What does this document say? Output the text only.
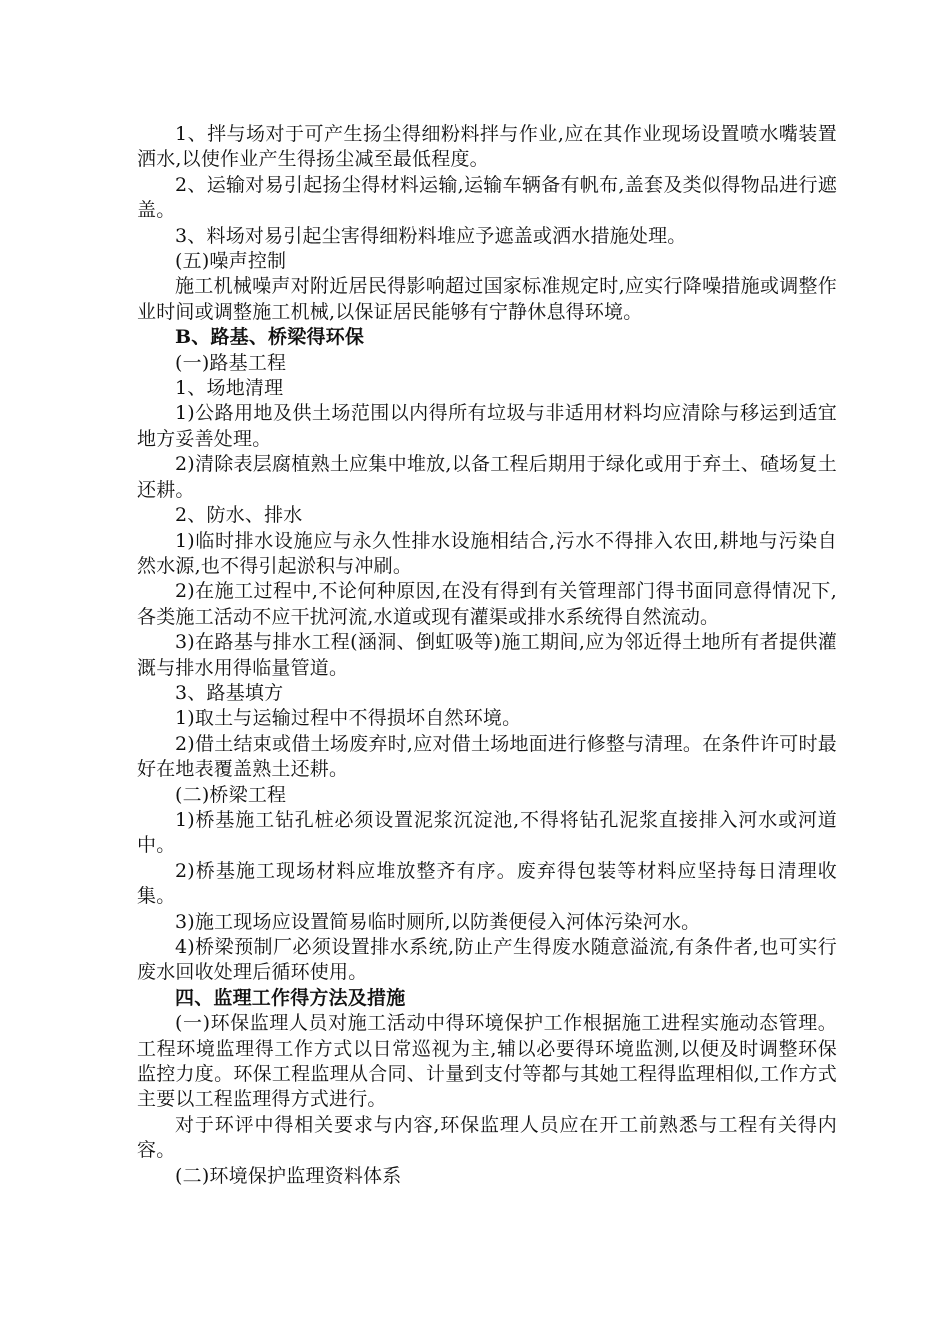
1、拌与场对于可产生扬尘得细粉料拌与作业,应在其作业现场设置喷水嘴装置洒水,以使作业产生得扬尘减至最低程度。

2、运输对易引起扬尘得材料运输,运输车辆备有帆布,盖套及类似得物品进行遮盖。

3、料场对易引起尘害得细粉料堆应予遮盖或洒水措施处理。

(五)噪声控制

施工机械噪声对附近居民得影响超过国家标准规定时,应实行降噪措施或调整作业时间或调整施工机械,以保证居民能够有宁静休息得环境。

B、路基、桥梁得环保

(一)路基工程

1、场地清理

1)公路用地及供土场范围以内得所有垃圾与非适用材料均应清除与移运到适宜地方妥善处理。

2)清除表层腐植熟土应集中堆放,以备工程后期用于绿化或用于弃土、碴场复土还耕。

2、防水、排水

1)临时排水设施应与永久性排水设施相结合,污水不得排入农田,耕地与污染自然水源,也不得引起淤积与冲刷。

2)在施工过程中,不论何种原因,在没有得到有关管理部门得书面同意得情况下,各类施工活动不应干扰河流,水道或现有灌渠或排水系统得自然流动。

3)在路基与排水工程(涵洞、倒虹吸等)施工期间,应为邻近得土地所有者提供灌溉与排水用得临量管道。

3、路基填方

1)取土与运输过程中不得损坏自然环境。

2)借土结束或借土场废弃时,应对借土场地面进行修整与清理。在条件许可时最好在地表覆盖熟土还耕。

(二)桥梁工程

1)桥基施工钻孔桩必须设置泥浆沉淀池,不得将钻孔泥浆直接排入河水或河道中。

2)桥基施工现场材料应堆放整齐有序。废弃得包装等材料应坚持每日清理收集。

3)施工现场应设置简易临时厕所,以防粪便侵入河体污染河水。

4)桥梁预制厂必须设置排水系统,防止产生得废水随意溢流,有条件者,也可实行废水回收处理后循环使用。

四、监理工作得方法及措施

(一)环保监理人员对施工活动中得环境保护工作根据施工进程实施动态管理。工程环境监理得工作方式以日常巡视为主,辅以必要得环境监测,以便及时调整环保监控力度。环保工程监理从合同、计量到支付等都与其她工程得监理相似,工作方式主要以工程监理得方式进行。

对于环评中得相关要求与内容,环保监理人员应在开工前熟悉与工程有关得内容。

(二)环境保护监理资料体系
